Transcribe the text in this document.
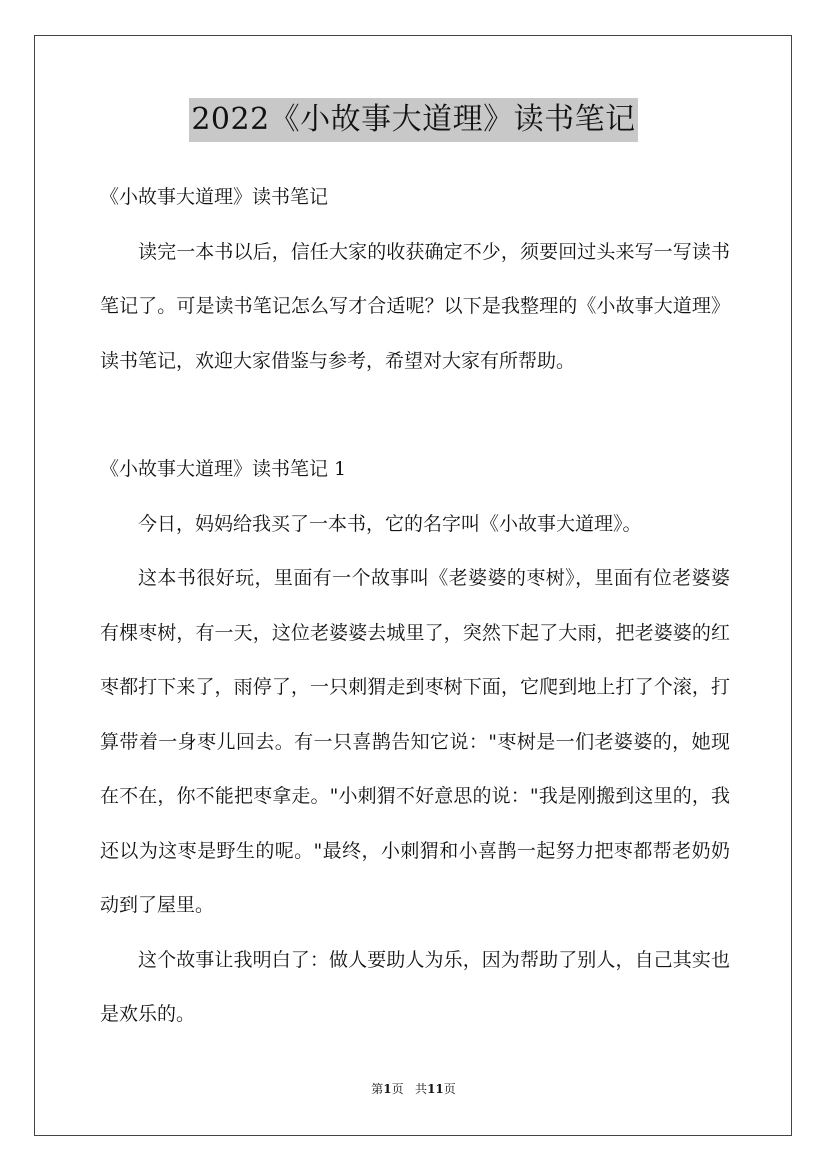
2022《小故事大道理》读书笔记

《小故事大道理》读书笔记

读完一本书以后，信任大家的收获确定不少，须要回过头来写一写读书笔记了。可是读书笔记怎么写才合适呢？以下是我整理的《小故事大道理》读书笔记，欢迎大家借鉴与参考，希望对大家有所帮助。

《小故事大道理》读书笔记 1

今日，妈妈给我买了一本书，它的名字叫《小故事大道理》。

这本书很好玩，里面有一个故事叫《老婆婆的枣树》，里面有位老婆婆有棵枣树，有一天，这位老婆婆去城里了，突然下起了大雨，把老婆婆的红枣都打下来了，雨停了，一只刺猬走到枣树下面，它爬到地上打了个滚，打算带着一身枣儿回去。有一只喜鹊告知它说："枣树是一们老婆婆的，她现在不在，你不能把枣拿走。"小刺猬不好意思的说："我是刚搬到这里的，我还以为这枣是野生的呢。"最终，小刺猬和小喜鹊一起努力把枣都帮老奶奶动到了屋里。

这个故事让我明白了：做人要助人为乐，因为帮助了别人，自己其实也是欢乐的。

第1页 共11页
